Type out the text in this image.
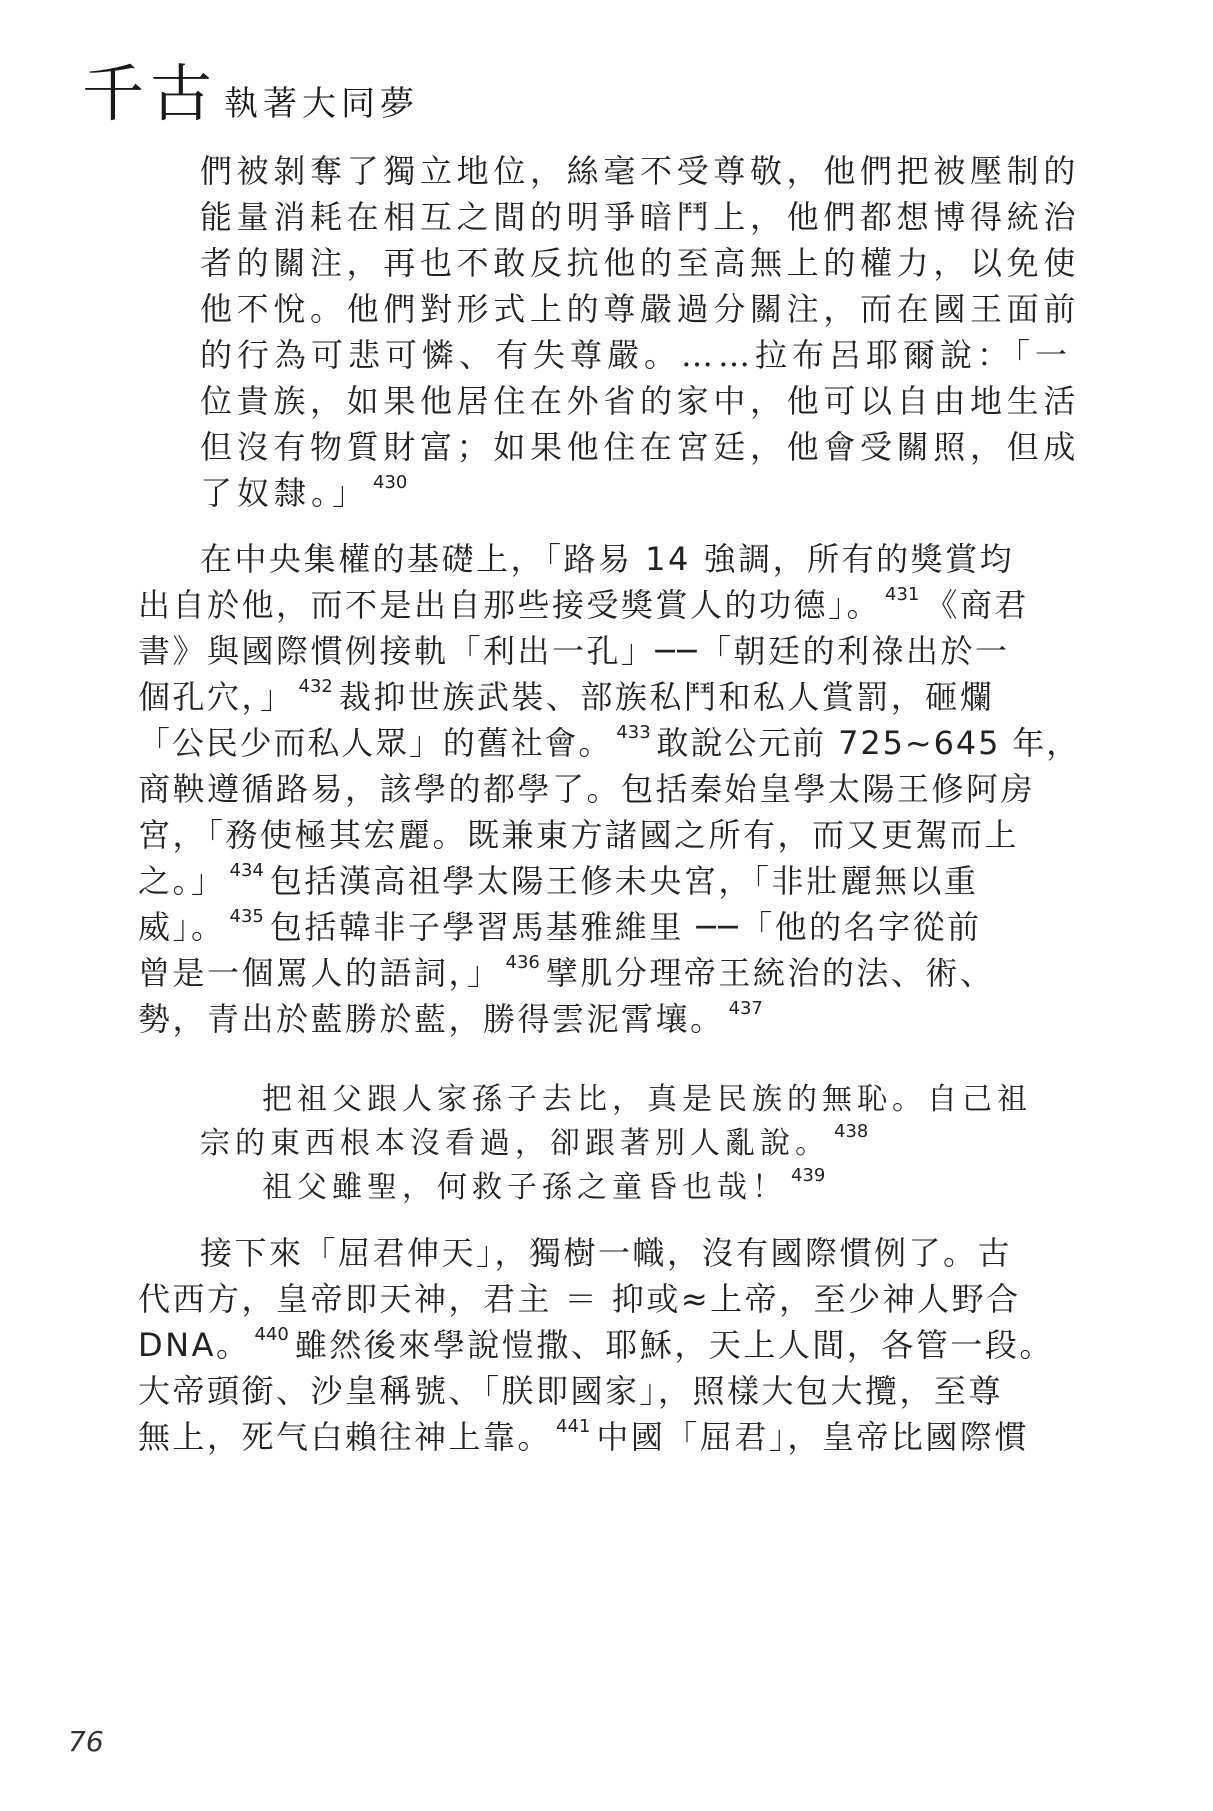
千古 執著大同夢
們被剝奪了獨立地位，絲毫不受尊敬，他們把被壓制的
能量消耗在相互之間的明爭暗鬥上，他們都想博得統治
者的關注，再也不敢反抗他的至高無上的權力，以免使
他不悅。他們對形式上的尊嚴過分關注，而在國王面前
的行為可悲可憐、有失尊嚴。……拉布呂耶爾說：「一
位貴族，如果他居住在外省的家中，他可以自由地生活
但沒有物質財富；如果他住在宮廷，他會受關照，但成
了奴隸。」 $^{430}$
在中央集權的基礎上，「路易 14 強調，所有的獎賞均
出自於他，而不是出自那些接受獎賞人的功德」。 $^{431}$ 《商君
書》與國際慣例接軌「利出一孔」──「朝廷的利祿出於一
個孔穴，」 $^{432}$ 裁抑世族武裝、部族私鬥和私人賞罰，砸爛
「公民少而私人眾」的舊社會。 $^{433}$ 敢說公元前 725~645 年，
商鞅遵循路易，該學的都學了。包括秦始皇學太陽王修阿房
宮，「務使極其宏麗。既兼東方諸國之所有，而又更駕而上
之。」 $^{434}$ 包括漢高祖學太陽王修未央宮，「非壯麗無以重
威」。 $^{435}$ 包括韓非子學習馬基雅維里 ──「他的名字從前
曾是一個罵人的語詞，」 $^{436}$ 擘肌分理帝王統治的法、術、
勢，青出於藍勝於藍，勝得雲泥霄壤。 $^{437}$
把祖父跟人家孫子去比，真是民族的無恥。自己祖
宗的東西根本沒看過，卻跟著別人亂說。 $^{438}$
祖父雖聖，何救子孫之童昏也哉！ $^{439}$
接下來「屈君伸天」，獨樹一幟，沒有國際慣例了。古
代西方，皇帝即天神，君主 ＝ 抑或≈上帝，至少神人野合
DNA。 $^{440}$ 雖然後來學說愷撒、耶穌，天上人間，各管一段。
大帝頭銜、沙皇稱號、「朕即國家」，照樣大包大攬，至尊
無上，死气白賴往神上靠。 $^{441}$ 中國「屈君」，皇帝比國際慣
76
